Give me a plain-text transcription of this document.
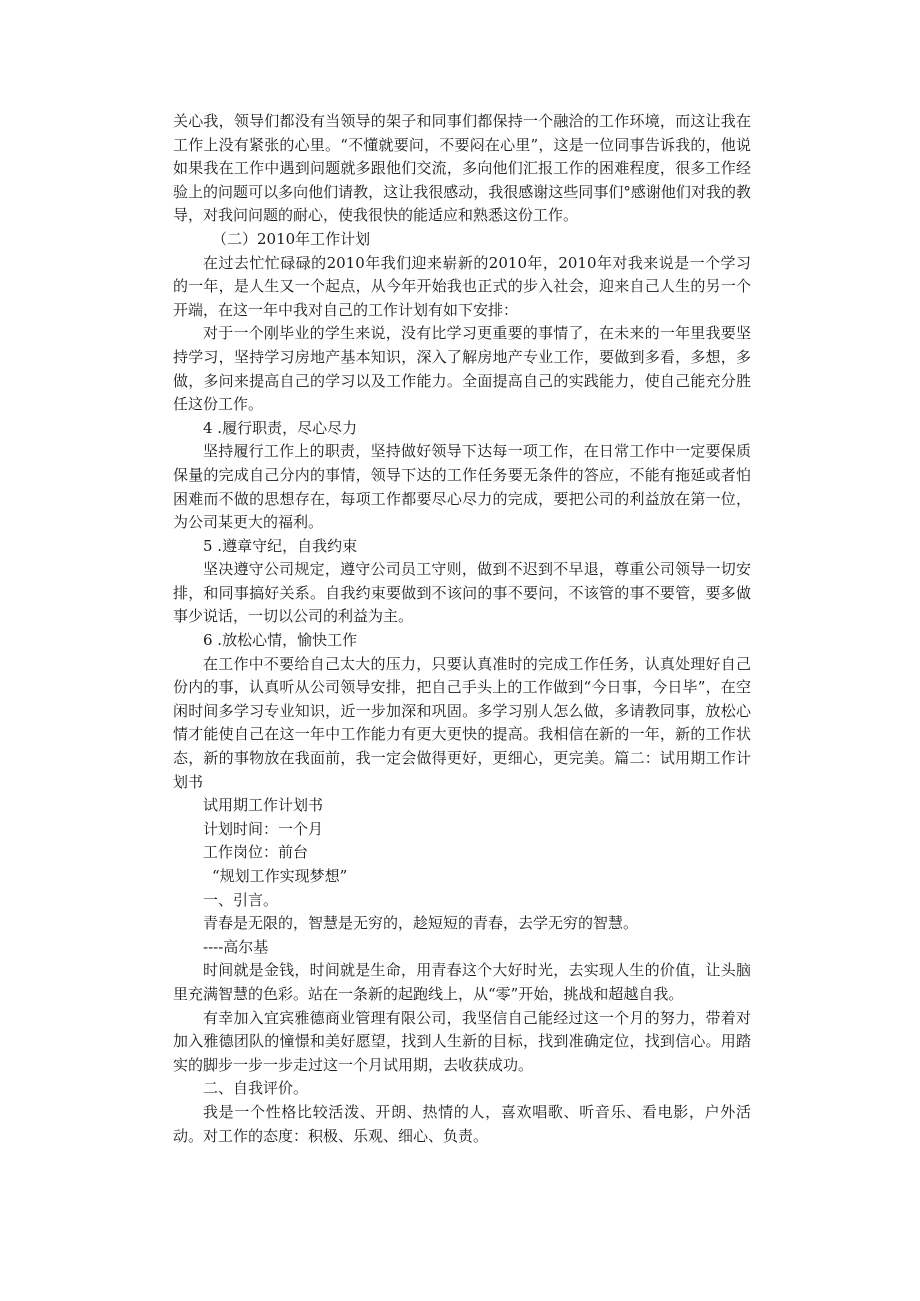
关心我，领导们都没有当领导的架子和同事们都保持一个融洽的工作环境，而这让我在工作上没有紧张的心里。“不懂就要问，不要闷在心里”，这是一位同事告诉我的，他说如果我在工作中遇到问题就多跟他们交流，多向他们汇报工作的困难程度，很多工作经验上的问题可以多向他们请教，这让我很感动，我很感谢这些同事们°感谢他们对我的教导，对我问问题的耐心，使我很快的能适应和熟悉这份工作。

（二）2010年工作计划

在过去忙忙碌碌的2010年我们迎来崭新的2010年，2010年对我来说是一个学习的一年，是人生又一个起点，从今年开始我也正式的步入社会，迎来自己人生的另一个开端，在这一年中我对自己的工作计划有如下安排：

对于一个刚毕业的学生来说，没有比学习更重要的事情了，在未来的一年里我要坚持学习，坚持学习房地产基本知识，深入了解房地产专业工作，要做到多看，多想，多做，多问来提高自己的学习以及工作能力。全面提高自己的实践能力，使自己能充分胜任这份工作。

4 .履行职责，尽心尽力

坚持履行工作上的职责，坚持做好领导下达每一项工作，在日常工作中一定要保质保量的完成自己分内的事情，领导下达的工作任务要无条件的答应，不能有拖延或者怕困难而不做的思想存在，每项工作都要尽心尽力的完成，要把公司的利益放在第一位，为公司某更大的福利。

5 .遵章守纪，自我约束

坚决遵守公司规定，遵守公司员工守则，做到不迟到不早退，尊重公司领导一切安排，和同事搞好关系。自我约束要做到不该问的事不要问，不该管的事不要管，要多做事少说话，一切以公司的利益为主。

6 .放松心情，愉快工作

在工作中不要给自己太大的压力，只要认真准时的完成工作任务，认真处理好自己份内的事，认真听从公司领导安排，把自己手头上的工作做到“今日事，今日毕”，在空闲时间多学习专业知识，近一步加深和巩固。多学习别人怎么做，多请教同事，放松心情才能使自己在这一年中工作能力有更大更快的提高。我相信在新的一年，新的工作状态，新的事物放在我面前，我一定会做得更好，更细心，更完美。篇二：试用期工作计划书

试用期工作计划书

计划时间：一个月

工作岗位：前台

“规划工作实现梦想”

一、引言。

青春是无限的，智慧是无穷的，趁短短的青春，去学无穷的智慧。

----高尔基

时间就是金钱，时间就是生命，用青春这个大好时光，去实现人生的价值，让头脑里充满智慧的色彩。站在一条新的起跑线上，从“零”开始，挑战和超越自我。

有幸加入宜宾雅德商业管理有限公司，我坚信自己能经过这一个月的努力，带着对加入雅德团队的憧憬和美好愿望，找到人生新的目标，找到准确定位，找到信心。用踏实的脚步一步一步走过这一个月试用期，去收获成功。

二、自我评价。

我是一个性格比较活泼、开朗、热情的人，喜欢唱歌、听音乐、看电影，户外活动。对工作的态度：积极、乐观、细心、负责。
